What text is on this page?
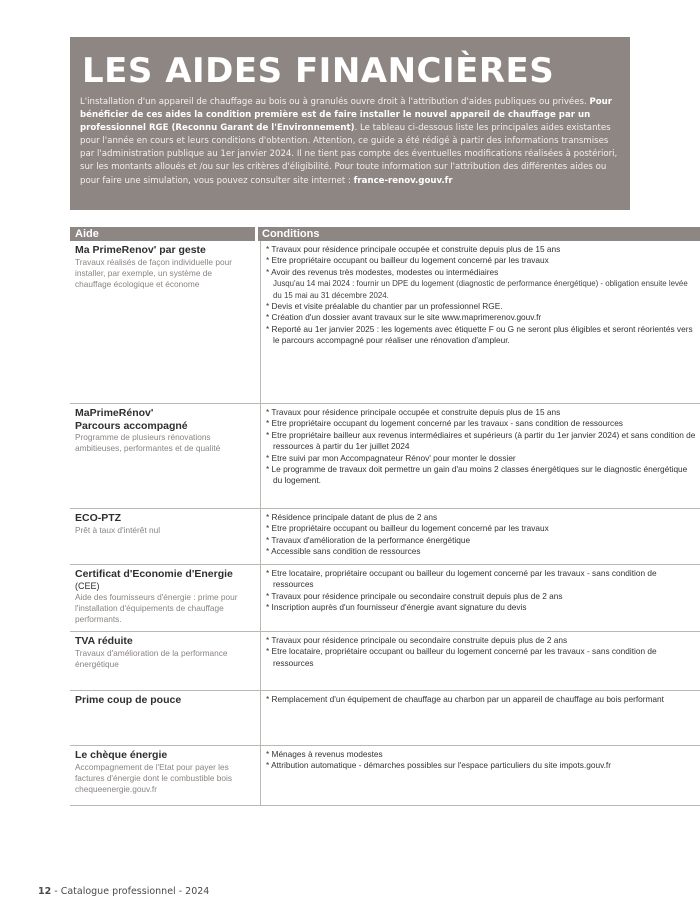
LES AIDES FINANCIÈRES

L'installation d'un appareil de chauffage au bois ou à granulés ouvre droit à l'attribution d'aides publiques ou privées. Pour bénéficier de ces aides la condition première est de faire installer le nouvel appareil de chauffage par un professionnel RGE (Reconnu Garant de l'Environnement). Le tableau ci-dessous liste les principales aides existantes pour l'année en cours et leurs conditions d'obtention. Attention, ce guide a été rédigé à partir des informations transmises par l'administration publique au 1er janvier 2024. Il ne tient pas compte des éventuelles modifications réalisées à postériori, sur les montants alloués et /ou sur les critères d'éligibilité. Pour toute information sur l'attribution des différentes aides ou pour faire une simulation, vous pouvez consulter site internet : france-renov.gouv.fr

Aide	Conditions
Ma PrimeRenov' par geste
Travaux réalisés de façon individuelle pour installer, par exemple, un système de chauffage écologique et économe
* Travaux pour résidence principale occupée et construite depuis plus de 15 ans
* Etre propriétaire occupant ou bailleur du logement concerné par les travaux
* Avoir des revenus très modestes, modestes ou intermédiaires
Jusqu'au 14 mai 2024 : fournir un DPE du logement (diagnostic de performance énergétique) - obligation ensuite levée du 15 mai au 31 décembre 2024.
* Devis et visite préalable du chantier par un professionnel RGE.
* Création d'un dossier avant travaux sur le site www.maprimerenov.gouv.fr
* Reporté au 1er janvier 2025 : les logements avec étiquette F ou G ne seront plus éligibles et seront réorientés vers le parcours accompagné pour réaliser une rénovation d'ampleur.
MaPrimeRénov'
Parcours accompagné
Programme de plusieurs rénovations ambitieuses, performantes et de qualité
* Travaux pour résidence principale occupée et construite depuis plus de 15 ans
* Etre propriétaire occupant du logement concerné par les travaux - sans condition de ressources
* Etre propriétaire bailleur aux revenus intermédiaires et supérieurs (à partir du 1er janvier 2024) et sans condition de ressources à partir du 1er juillet 2024
* Etre suivi par mon Accompagnateur Rénov' pour monter le dossier
* Le programme de travaux doit permettre un gain d'au moins 2 classes énergétiques sur le diagnostic énergétique du logement.
ECO-PTZ
Prêt à taux d'intérêt nul
* Résidence principale datant de plus de 2 ans
* Etre propriétaire occupant ou bailleur du logement concerné par les travaux
* Travaux d'amélioration de la performance énergétique
* Accessible sans condition de ressources
Certificat d'Economie d'Energie
(CEE)
Aide des fournisseurs d'énergie : prime pour l'installation d'équipements de chauffage performants.
* Etre locataire, propriétaire occupant ou bailleur du logement concerné par les travaux - sans condition de ressources
* Travaux pour résidence principale ou secondaire construit depuis plus de 2 ans
* Inscription auprès d'un fournisseur d'énergie avant signature du devis
TVA réduite
Travaux d'amélioration de la performance énergétique
* Travaux pour résidence principale ou secondaire construite depuis plus de 2 ans
* Etre locataire, propriétaire occupant ou bailleur du logement concerné par les travaux - sans condition de ressources
Prime coup de pouce	* Remplacement d'un équipement de chauffage au charbon par un appareil de chauffage au bois performant
Le chèque énergie
Accompagnement de l'Etat pour payer les factures d'énergie dont le combustible bois chequeenergie.gouv.fr
* Ménages à revenus modestes
* Attribution automatique - démarches possibles sur l'espace particuliers du site impots.gouv.fr
12 - Catalogue professionnel - 2024
